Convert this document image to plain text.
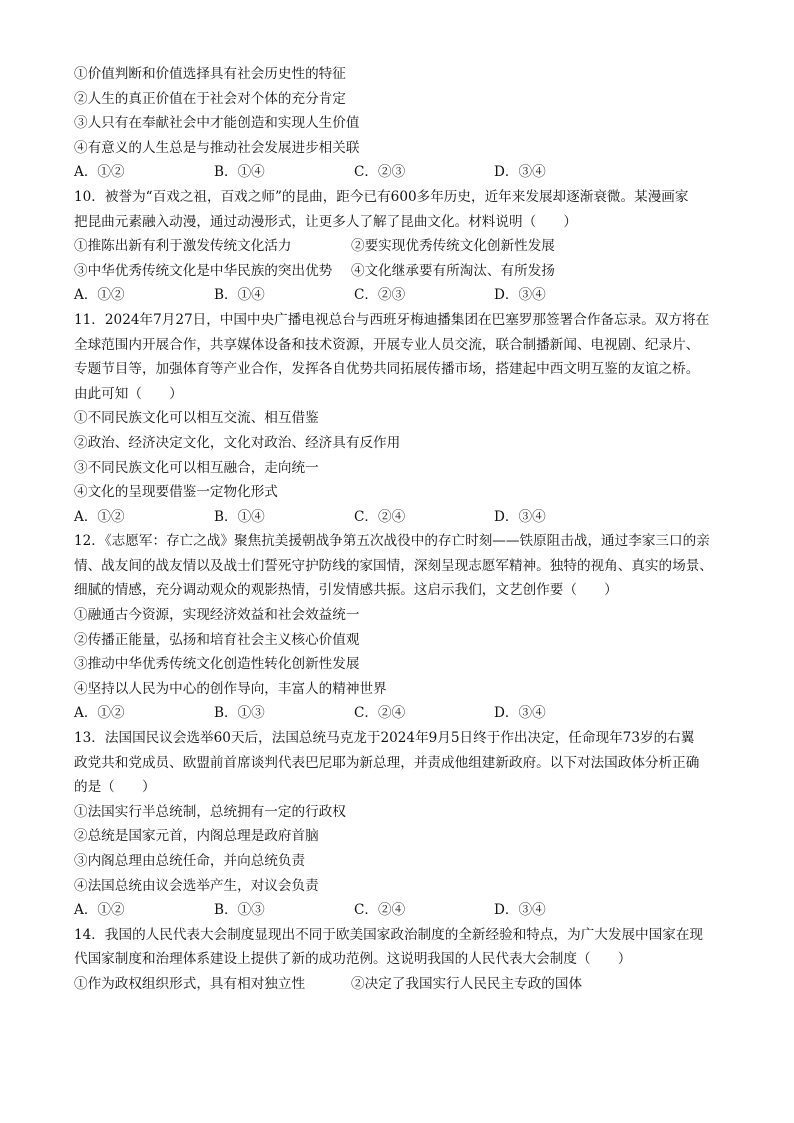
①价值判断和价值选择具有社会历史性的特征
②人生的真正价值在于社会对个体的充分肯定
③人只有在奉献社会中才能创造和实现人生价值
④有意义的人生总是与推动社会发展进步相关联
A．①②	B．①④	C．②③	D．③④
10．被誉为“百戏之祖，百戏之师”的昆曲，距今已有600多年历史，近年来发展却逐渐衰微。某漫画家
把昆曲元素融入动漫，通过动漫形式，让更多人了解了昆曲文化。材料说明（　　）
①推陈出新有利于激发传统文化活力	②要实现优秀传统文化创新性发展
③中华优秀传统文化是中华民族的突出优势	④文化继承要有所淘汰、有所发扬
A．①②	B．①④	C．②③	D．③④
11．2024年7月27日，中国中央广播电视总台与西班牙梅迪播集团在巴塞罗那签署合作备忘录。双方将在
全球范围内开展合作，共享媒体设备和技术资源，开展专业人员交流，联合制播新闻、电视剧、纪录片、
专题节目等，加强体育等产业合作，发挥各自优势共同拓展传播市场，搭建起中西文明互鉴的友谊之桥。
由此可知（　　）
①不同民族文化可以相互交流、相互借鉴
②政治、经济决定文化，文化对政治、经济具有反作用
③不同民族文化可以相互融合，走向统一
④文化的呈现要借鉴一定物化形式
A．①②	B．①④	C．②④	D．③④
12．《志愿军：存亡之战》聚焦抗美援朝战争第五次战役中的存亡时刻——铁原阻击战，通过李家三口的亲
情、战友间的战友情以及战士们誓死守护防线的家国情，深刻呈现志愿军精神。独特的视角、真实的场景、
细腻的情感，充分调动观众的观影热情，引发情感共振。这启示我们，文艺创作要（　　）
①融通古今资源，实现经济效益和社会效益统一
②传播正能量，弘扬和培育社会主义核心价值观
③推动中华优秀传统文化创造性转化创新性发展
④坚持以人民为中心的创作导向，丰富人的精神世界
A．①②	B．①③	C．②④	D．③④
13．法国国民议会选举60天后，法国总统马克龙于2024年9月5日终于作出决定，任命现年73岁的右翼
政党共和党成员、欧盟前首席谈判代表巴尼耶为新总理，并责成他组建新政府。以下对法国政体分析正确
的是（　　）
①法国实行半总统制，总统拥有一定的行政权
②总统是国家元首，内阁总理是政府首脑
③内阁总理由总统任命，并向总统负责
④法国总统由议会选举产生，对议会负责
A．①②	B．①③	C．②④	D．③④
14．我国的人民代表大会制度显现出不同于欧美国家政治制度的全新经验和特点，为广大发展中国家在现
代国家制度和治理体系建设上提供了新的成功范例。这说明我国的人民代表大会制度（　　）
①作为政权组织形式，具有相对独立性	②决定了我国实行人民民主专政的国体
